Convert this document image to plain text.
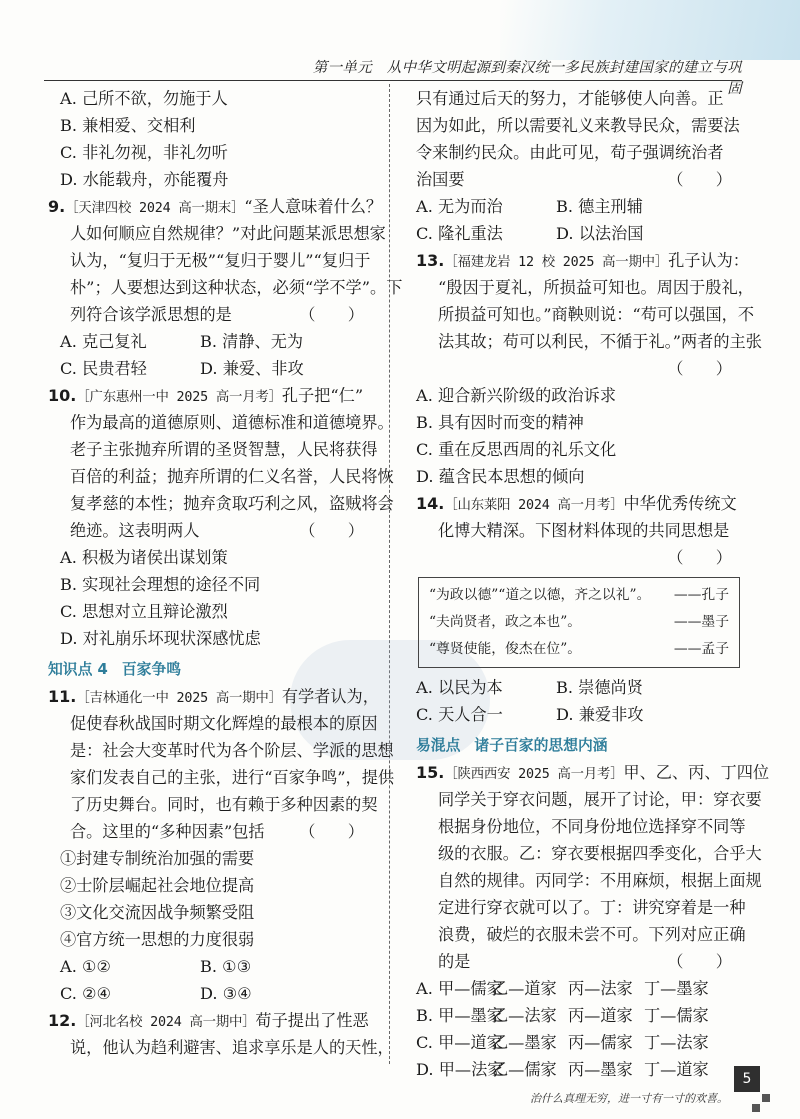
第一单元　从中华文明起源到秦汉统一多民族封建国家的建立与巩固
A. 己所不欲，勿施于人
B. 兼相爱、交相利
C. 非礼勿视，非礼勿听
D. 水能载舟，亦能覆舟
9.［天津四校 2024 高一期末］“圣人意味着什么？
人如何顺应自然规律？”对此问题某派思想家
认为，“复归于无极”“复归于婴儿”“复归于
朴”；人要想达到这种状态，必须“学不学”。下
列符合该学派思想的是	（　　）
A. 克己复礼	B. 清静、无为
C. 民贵君轻	D. 兼爱、非攻
10.［广东惠州一中 2025 高一月考］孔子把“仁”
作为最高的道德原则、道德标准和道德境界。
老子主张抛弃所谓的圣贤智慧，人民将获得
百倍的利益；抛弃所谓的仁义名誉，人民将恢
复孝慈的本性；抛弃贪取巧利之风，盗贼将会
绝迹。这表明两人	（　　）
A. 积极为诸侯出谋划策
B. 实现社会理想的途径不同
C. 思想对立且辩论激烈
D. 对礼崩乐坏现状深感忧虑
知识点 4 百家争鸣
11.［吉林通化一中 2025 高一期中］有学者认为，
促使春秋战国时期文化辉煌的最根本的原因
是：社会大变革时代为各个阶层、学派的思想
家们发表自己的主张，进行“百家争鸣”，提供
了历史舞台。同时，也有赖于多种因素的契
合。这里的“多种因素”包括 （　　）
①封建专制统治加强的需要
②士阶层崛起社会地位提高
③文化交流因战争频繁受阻
④官方统一思想的力度很弱
A. ①②	B. ①③
C. ②④	D. ③④
12.［河北名校 2024 高一期中］荀子提出了性恶
说，他认为趋利避害、追求享乐是人的天性，
只有通过后天的努力，才能够使人向善。正
因为如此，所以需要礼义来教导民众，需要法
令来制约民众。由此可见，荀子强调统治者
治国要	（　　）
A. 无为而治	B. 德主刑辅
C. 隆礼重法	D. 以法治国
13.［福建龙岩 12 校 2025 高一期中］孔子认为：
“殷因于夏礼，所损益可知也。周因于殷礼，
所损益可知也。”商鞅则说：“苟可以强国，不
法其故；苟可以利民，不循于礼。”两者的主张
（　　）
A. 迎合新兴阶级的政治诉求
B. 具有因时而变的精神
C. 重在反思西周的礼乐文化
D. 蕴含民本思想的倾向
14.［山东莱阳 2024 高一月考］中华优秀传统文
化博大精深。下图材料体现的共同思想是
（　　）
“为政以德”“道之以德，齐之以礼”。 ——孔子
“夫尚贤者，政之本也”。	——墨子
“尊贤使能，俊杰在位”。	——孟子
A. 以民为本	B. 崇德尚贤
C. 天人合一	D. 兼爱非攻
易混点 诸子百家的思想内涵
15.［陕西西安 2025 高一月考］甲、乙、丙、丁四位
同学关于穿衣问题，展开了讨论，甲：穿衣要
根据身份地位，不同身份地位选择穿不同等
级的衣服。乙：穿衣要根据四季变化，合乎大
自然的规律。丙同学：不用麻烦，根据上面规
定进行穿衣就可以了。丁：讲究穿着是一种
浪费，破烂的衣服未尝不可。下列对应正确
的是	（　　）
A. 甲—儒家乙—道家 丙—法家 丁—墨家
B. 甲—墨家乙—法家 丙—道家 丁—儒家
C. 甲—道家乙—墨家 丙—儒家 丁—法家
D. 甲—法家乙—儒家 丙—墨家 丁—道家	5
治什么真理无穷，进一寸有一寸的欢喜。
